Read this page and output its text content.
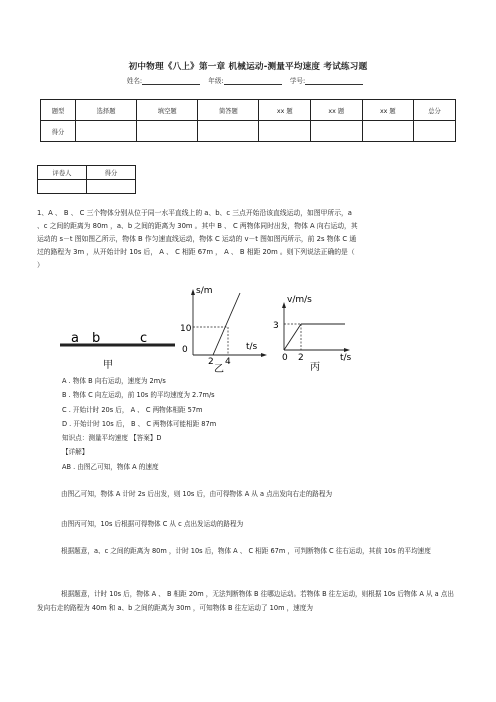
初中物理《八上》第一章 机械运动-测量平均速度 考试练习题
姓名:	年级:	学号:
题型	选择题	填空题	简答题	xx 题	xx 题	xx 题	总分
得分							
评卷人	得分

1、A 、 B 、 C 三个物体分别从位于同一水平直线上的 a、b、c 三点开始沿该直线运动，如图甲所示，a
、c 之间的距离为 80m ，a、b 之间的距离为 30m 。其中 B 、 C 两物体同时出发，物体 A 向右运动，其
运动的 s－t 图如图乙所示，物体 B 作匀速直线运动，物体 C 运动的 v－t 图如图丙所示，前 2s 物体 C 通
过的路程为 3m ，从开始计时 10s 后， A 、 C 相距 67m ， A 、 B 相距 20m 。则下列说法正确的是（
）
a b	c
甲
s/m
t/s
10
0
2 4
乙
v/m/s
t/s
3
0 2
丙
A . 物体 B 向右运动，速度为 2m/s
B . 物体 C 向左运动，前 10s 的平均速度为 2.7m/s
C . 开始计时 20s 后， A 、 C 两物体相距 57m
D . 开始计时 10s 后， B 、 C 两物体可能相距 87m
知识点：测量平均速度 【答案】D
【详解】
AB . 由图乙可知，物体 A 的速度
由图乙可知，物体 A 计时 2s 后出发，则 10s 后，由可得物体 A 从 a 点出发向右走的路程为
由图丙可知，10s 后根据可得物体 C 从 c 点出发运动的路程为
根据题意，a、c 之间的距离为 80m ，计时 10s 后，物体 A 、 C 相距 67m ，可判断物体 C 往右运动，其前 10s 的平均速度
根据题意，计时 10s 后，物体 A 、 B 相距 20m ，无法判断物体 B 往哪边运动。若物体 B 往左运动，则根据 10s 后物体 A 从 a 点出发向右走的路程为 40m 和 a、b 之间的距离为 30m ，可知物体 B 往左运动了 10m ，速度为
